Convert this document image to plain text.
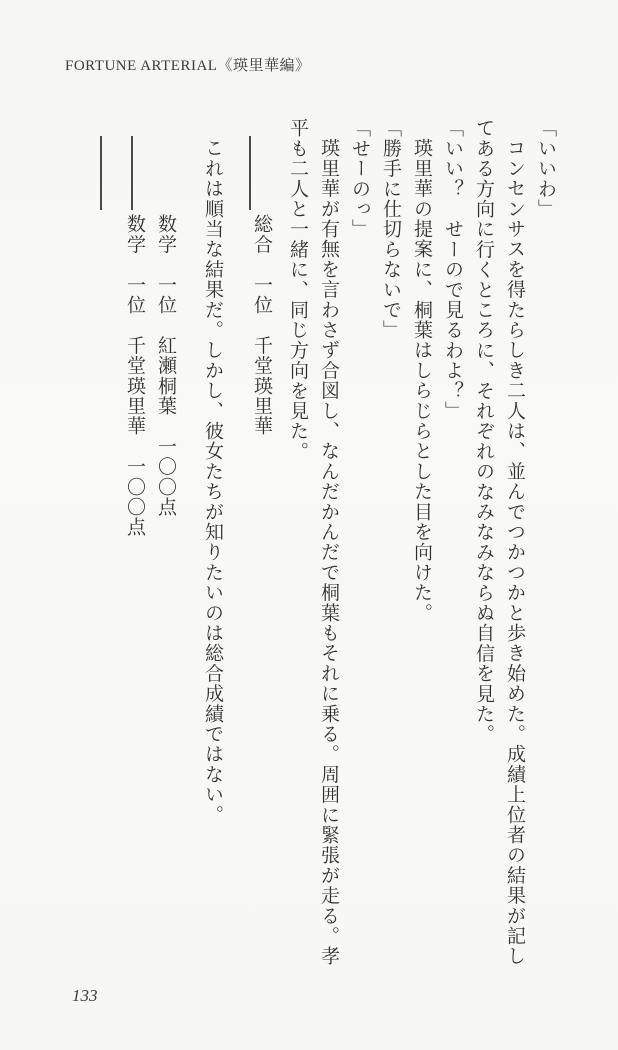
FORTUNE ARTERIAL《瑛里華編》
「いいわ」
コンセンサスを得たらしき二人は、並んでつかつかと歩き始めた。成績上位者の結果が記し
てある方向に行くところに、それぞれのなみなみならぬ自信を見た。
「いい？　せーので見るわよ？」
瑛里華の提案に、桐葉はしらじらとした目を向けた。
「勝手に仕切らないで」
「せーのっ」
瑛里華が有無を言わさず合図し、なんだかんだで桐葉もそれに乗る。周囲に緊張が走る。孝
平も二人と一緒に、同じ方向を見た。
総合　一位　千堂瑛里華
これは順当な結果だ。しかし、彼女たちが知りたいのは総合成績ではない。
数学　一位　紅瀬桐葉　一〇〇点
数学　一位　千堂瑛里華　一〇〇点
133
